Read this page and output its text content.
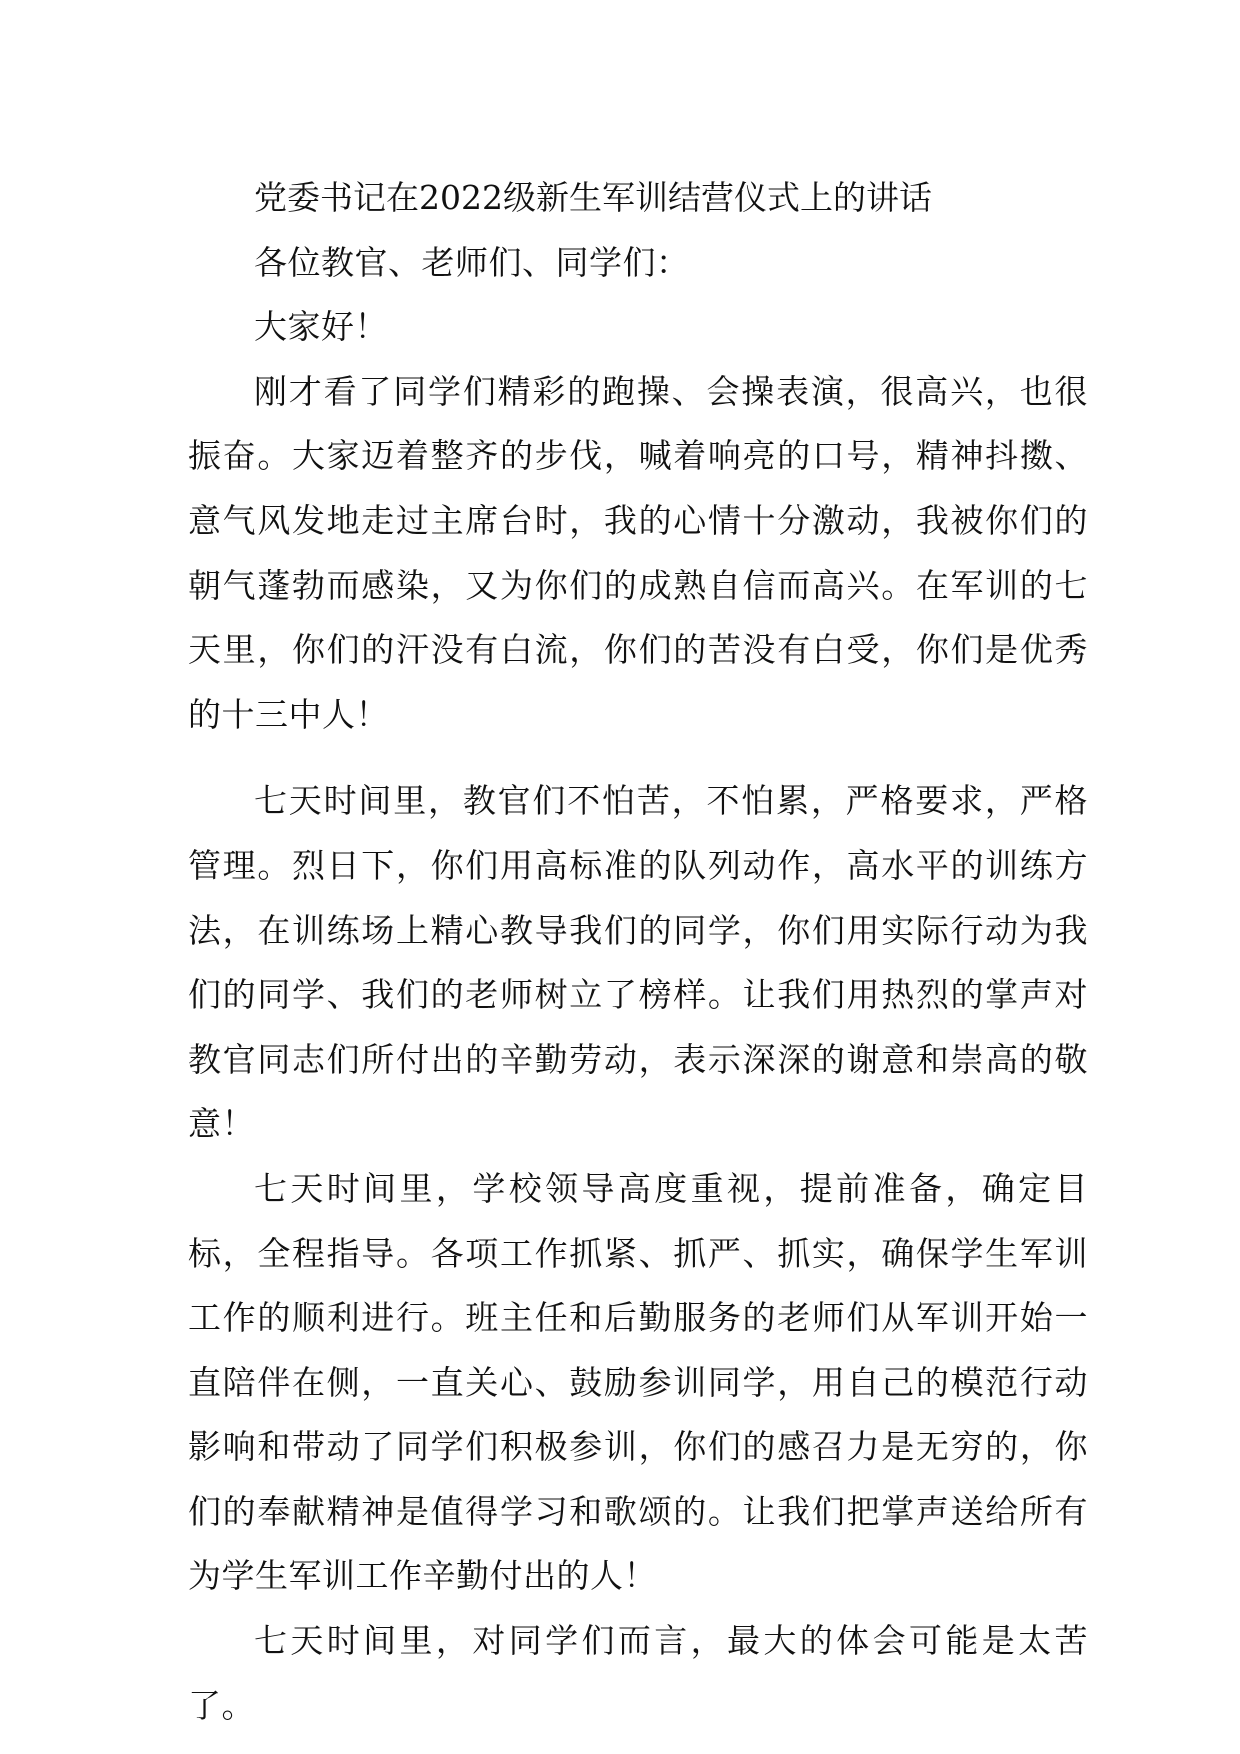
党委书记在2022级新生军训结营仪式上的讲话

各位教官、老师们、同学们：

大家好！

刚才看了同学们精彩的跑操、会操表演，很高兴，也很振奋。大家迈着整齐的步伐，喊着响亮的口号，精神抖擞、意气风发地走过主席台时，我的心情十分激动，我被你们的朝气蓬勃而感染，又为你们的成熟自信而高兴。在军训的七天里，你们的汗没有白流，你们的苦没有白受，你们是优秀的十三中人！

七天时间里，教官们不怕苦，不怕累，严格要求，严格管理。烈日下，你们用高标准的队列动作，高水平的训练方法，在训练场上精心教导我们的同学，你们用实际行动为我们的同学、我们的老师树立了榜样。让我们用热烈的掌声对教官同志们所付出的辛勤劳动，表示深深的谢意和崇高的敬意！

七天时间里，学校领导高度重视，提前准备，确定目标，全程指导。各项工作抓紧、抓严、抓实，确保学生军训工作的顺利进行。班主任和后勤服务的老师们从军训开始一直陪伴在侧，一直关心、鼓励参训同学，用自己的模范行动影响和带动了同学们积极参训，你们的感召力是无穷的，你们的奉献精神是值得学习和歌颂的。让我们把掌声送给所有为学生军训工作辛勤付出的人！

七天时间里，对同学们而言，最大的体会可能是太苦了。
